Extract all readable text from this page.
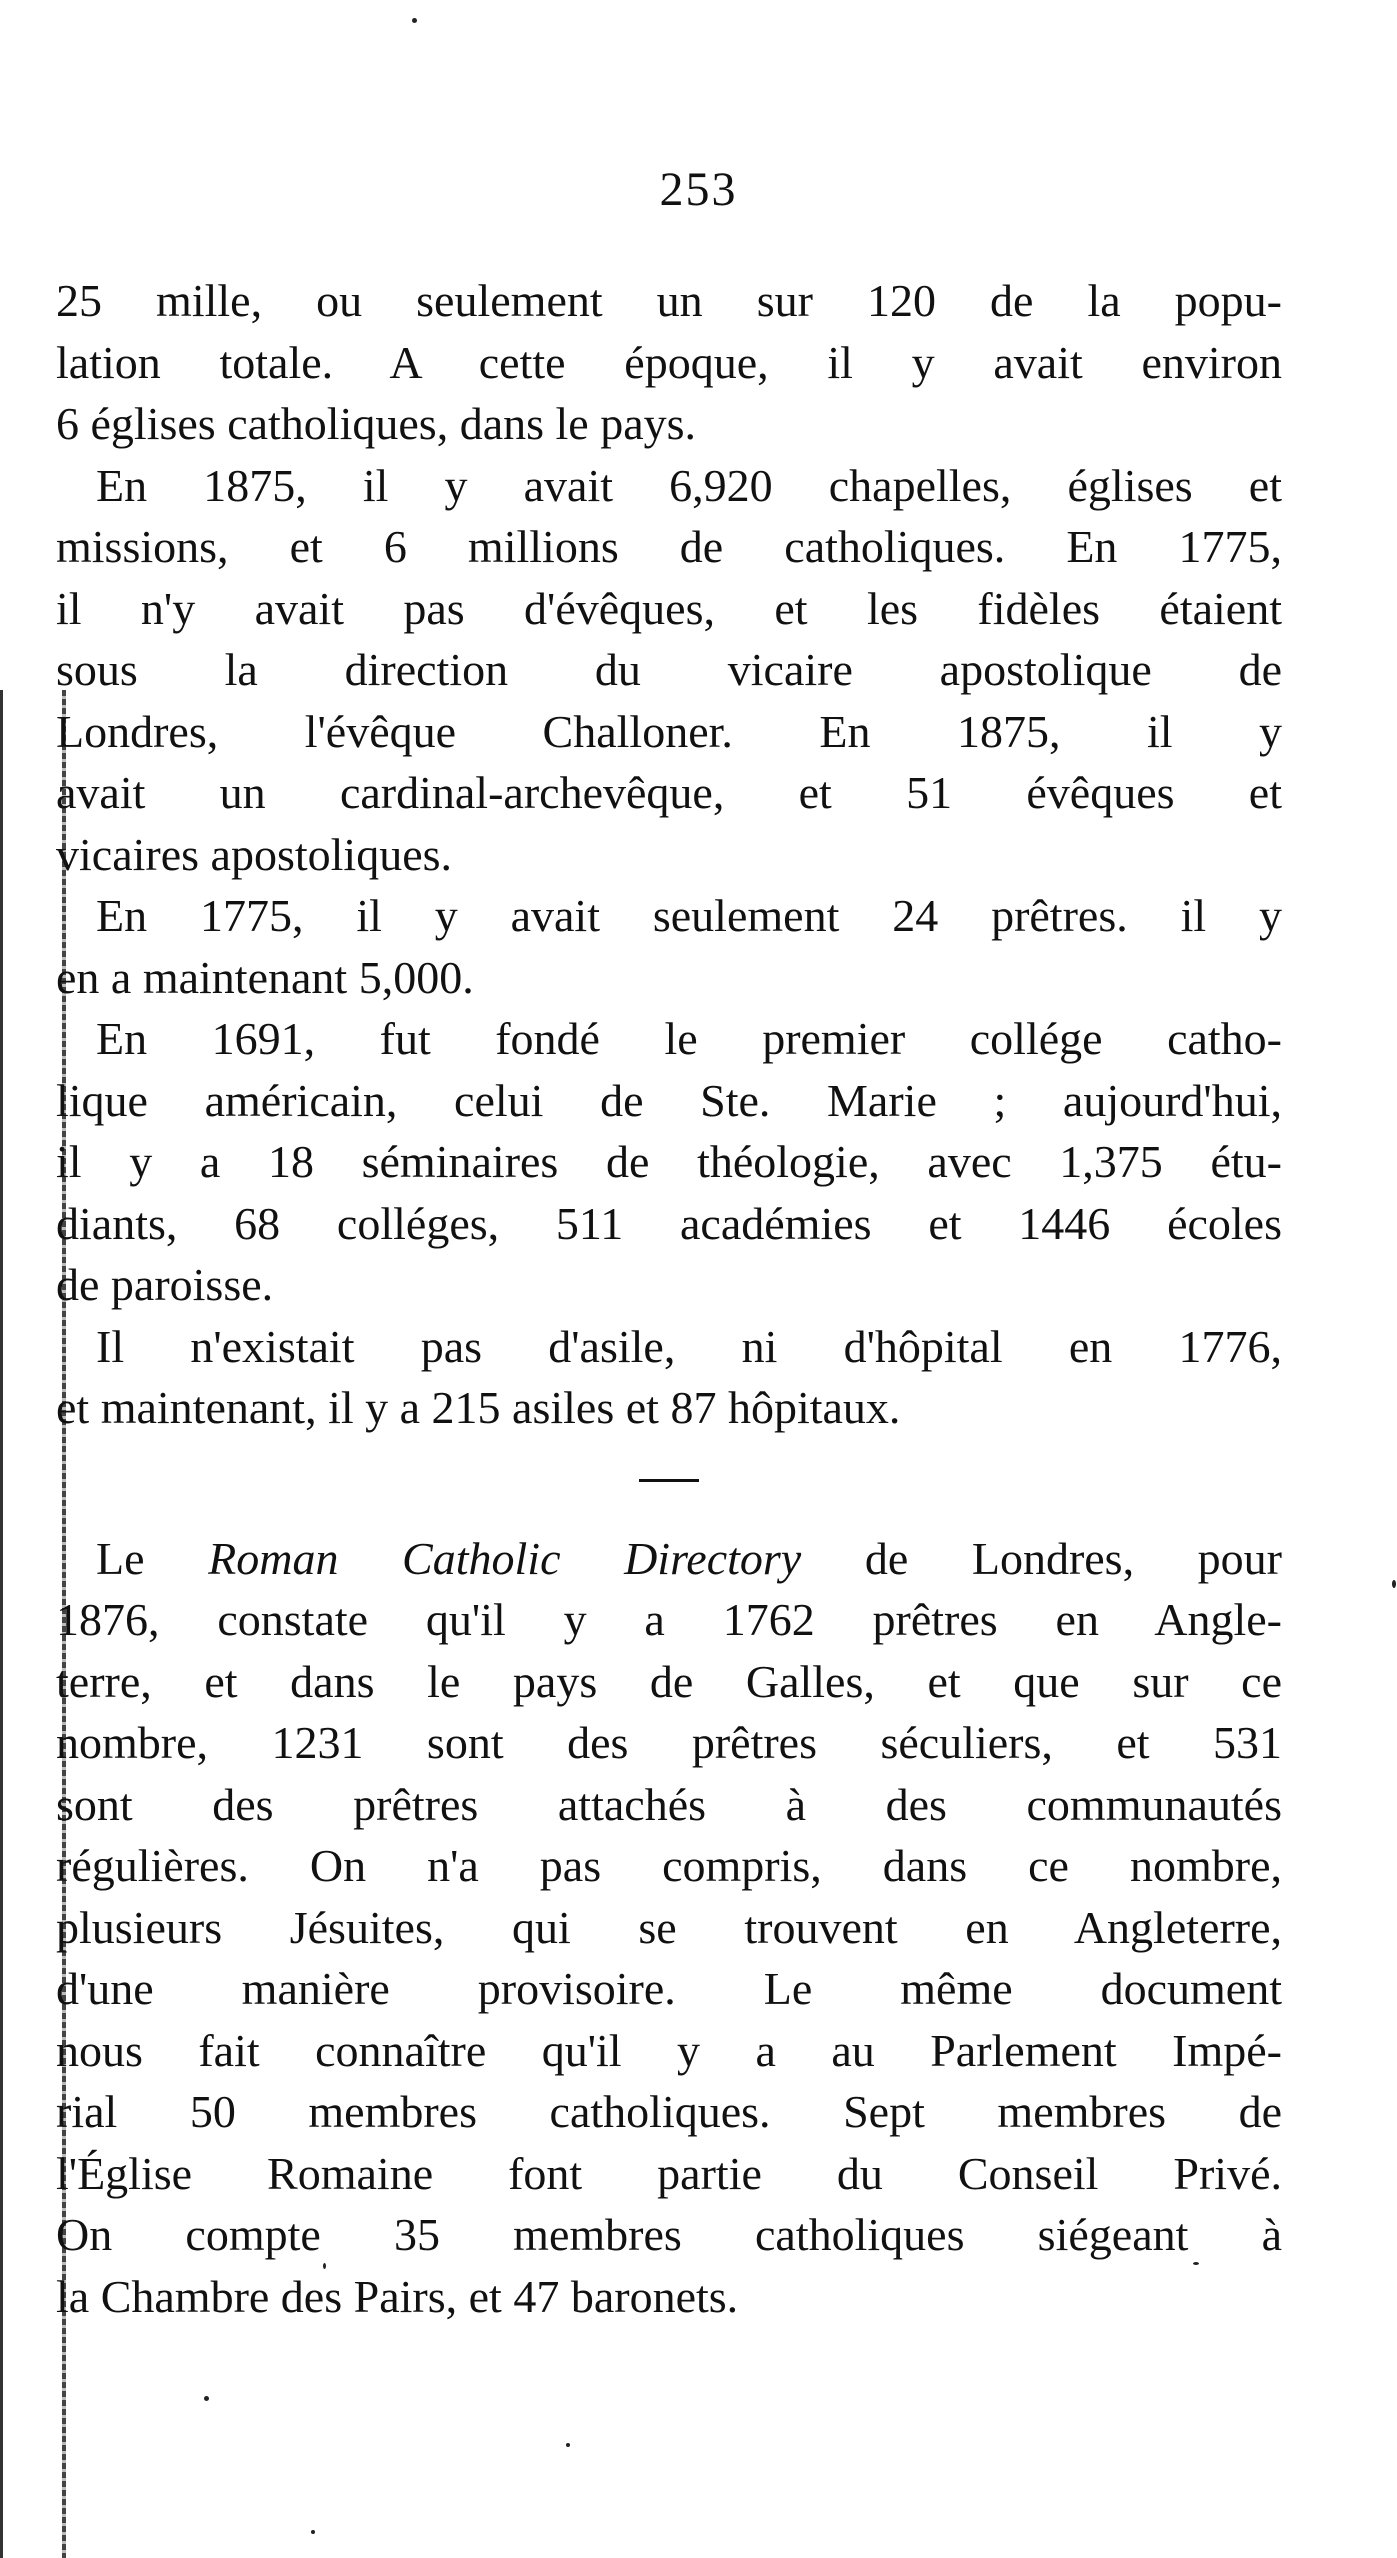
253
25 mille, ou seulement un sur 120 de la popu-
lation totale. A cette époque, il y avait environ
6 églises catholiques, dans le pays.
En 1875, il y avait 6,920 chapelles, églises et
missions, et 6 millions de catholiques. En 1775,
il n'y avait pas d'évêques, et les fidèles étaient
sous la direction du vicaire apostolique de
Londres, l'évêque Challoner. En 1875, il y
avait un cardinal-archevêque, et 51 évêques et
vicaires apostoliques.
En 1775, il y avait seulement 24 prêtres. il y
en a maintenant 5,000.
En 1691, fut fondé le premier collége catho-
lique américain, celui de Ste. Marie ; aujourd'hui,
il y a 18 séminaires de théologie, avec 1,375 étu-
diants, 68 colléges, 511 académies et 1446 écoles
de paroisse.
Il n'existait pas d'asile, ni d'hôpital en 1776,
et maintenant, il y a 215 asiles et 87 hôpitaux.
Le Roman Catholic Directory de Londres, pour
1876, constate qu'il y a 1762 prêtres en Angle-
terre, et dans le pays de Galles, et que sur ce
nombre, 1231 sont des prêtres séculiers, et 531
sont des prêtres attachés à des communautés
régulières. On n'a pas compris, dans ce nombre,
plusieurs Jésuites, qui se trouvent en Angleterre,
d'une manière provisoire. Le même document
nous fait connaître qu'il y a au Parlement Impé-
rial 50 membres catholiques. Sept membres de
l'Église Romaine font partie du Conseil Privé.
On compte 35 membres catholiques siégeant à
la Chambre des Pairs, et 47 baronets.
